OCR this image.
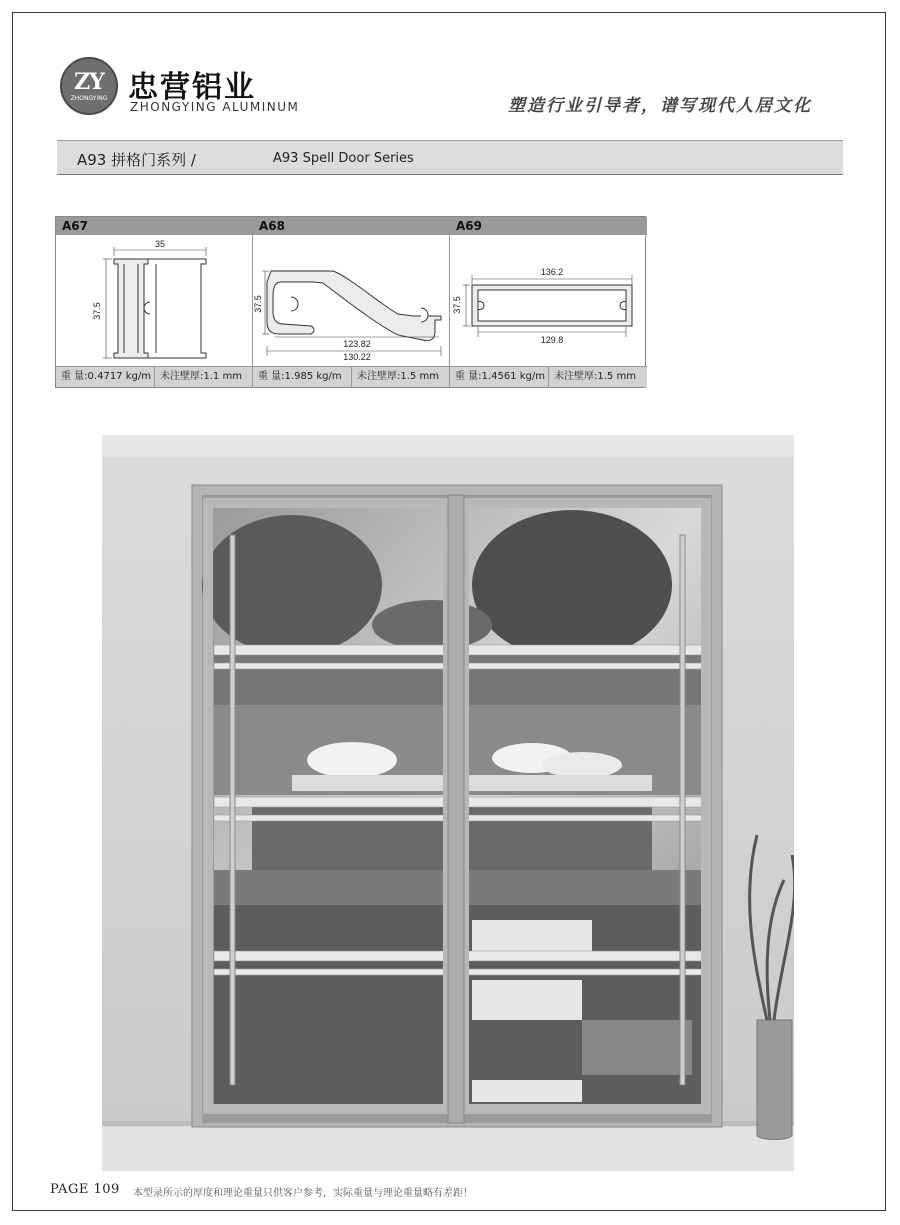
ZY
ZHONGYING 忠营铝业
ZHONGYING ALUMINUM	塑造行业引导者，谱写现代人居文化
A93 拼格门系列 /	A93 Spell Door Series
A67
35
37.5
重 量:0.4717 kg/m 未注壁厚:1.1 mm
A68
37.5
123.82
130.22
重 量:1.985 kg/m 未注壁厚:1.5 mm
A69
136.2
37.5
129.8
重 量:1.4561 kg/m 未注壁厚:1.5 mm
PAGE 109 本型录所示的厚度和理论重量只供客户参考，实际重量与理论重量略有差距！
